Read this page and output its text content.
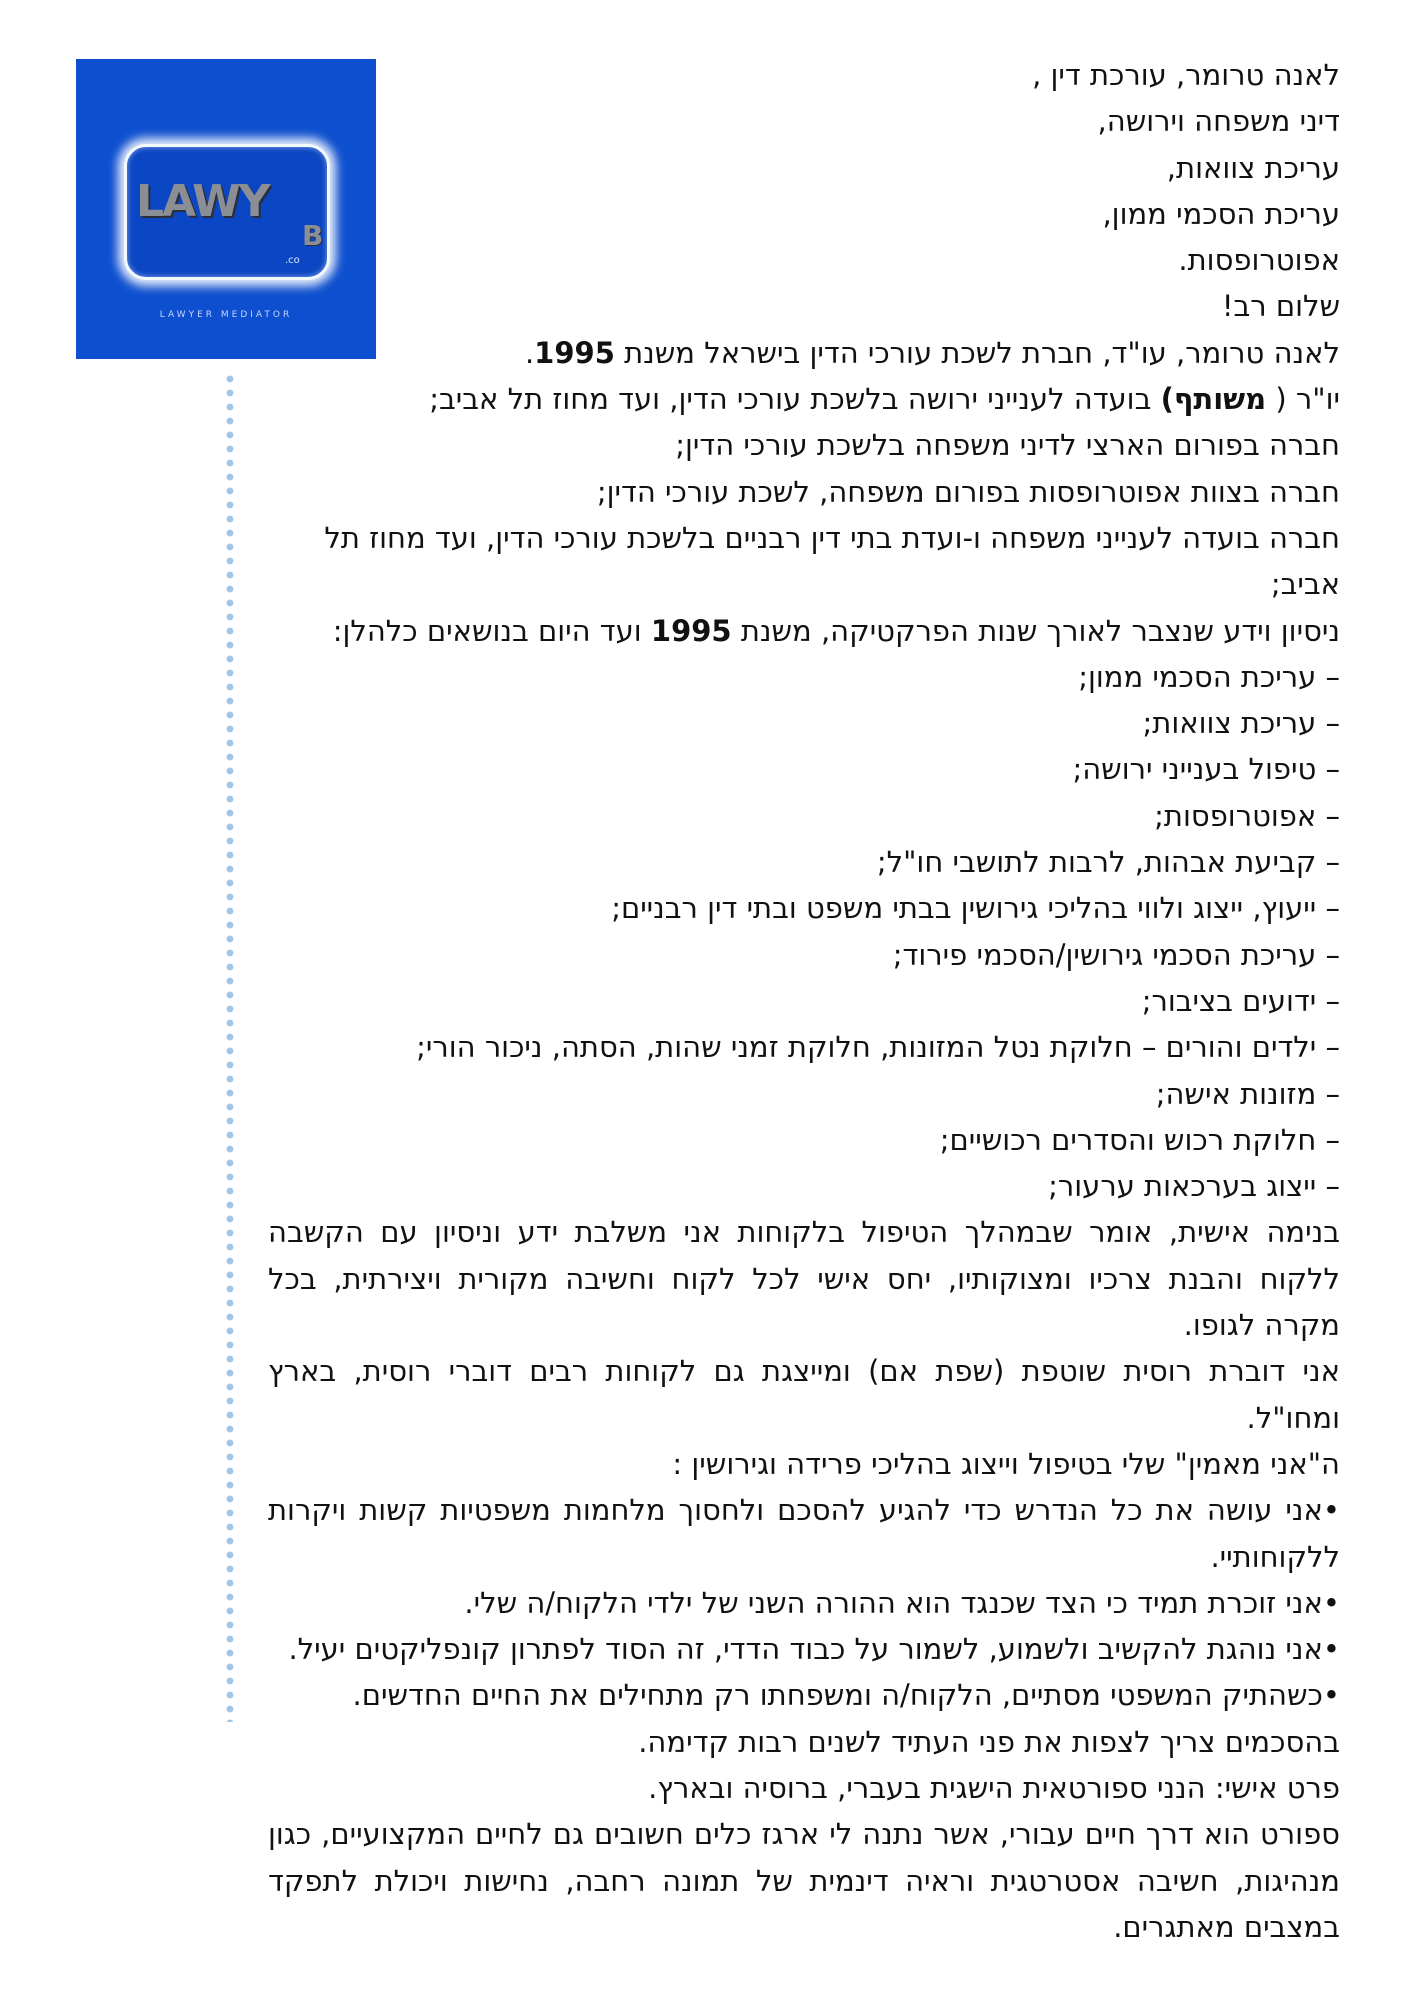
LAWY
B
.co
LAWYER MEDIATOR

לאנה טרומר, עורכת דין ,

דיני משפחה וירושה,

עריכת צוואות,

עריכת הסכמי ממון,

אפוטרופסות.

שלום רב!

לאנה טרומר, עו"ד, חברת לשכת עורכי הדין בישראל משנת 1995.

יו"ר ( משותף) בועדה לענייני ירושה בלשכת עורכי הדין, ועד מחוז תל אביב;

חברה בפורום הארצי לדיני משפחה בלשכת עורכי הדין;

חברה בצוות אפוטרופסות בפורום משפחה, לשכת עורכי הדין;

חברה בועדה לענייני משפחה ו-ועדת בתי דין רבניים בלשכת עורכי הדין, ועד מחוז תל אביב;

ניסיון וידע שנצבר לאורך שנות הפרקטיקה, משנת 1995 ועד היום בנושאים כלהלן:

– עריכת הסכמי ממון;

– עריכת צוואות;

– טיפול בענייני ירושה;

– אפוטרופסות;

– קביעת אבהות, לרבות לתושבי חו"ל;

– ייעוץ, ייצוג ולווי בהליכי גירושין בבתי משפט ובתי דין רבניים;

– עריכת הסכמי גירושין/הסכמי פירוד;

– ידועים בציבור;

– ילדים והורים – חלוקת נטל המזונות, חלוקת זמני שהות, הסתה, ניכור הורי;

– מזונות אישה;

– חלוקת רכוש והסדרים רכושיים;

– ייצוג בערכאות ערעור;

בנימה אישית, אומר שבמהלך הטיפול בלקוחות אני משלבת ידע וניסיון עם הקשבה ללקוח והבנת צרכיו ומצוקותיו, יחס אישי לכל לקוח וחשיבה מקורית ויצירתית, בכל מקרה לגופו.

אני דוברת רוסית שוטפת (שפת אם) ומייצגת גם לקוחות רבים דוברי רוסית, בארץ ומחו"ל.

ה"אני מאמין" שלי בטיפול וייצוג בהליכי פרידה וגירושין :

•אני עושה את כל הנדרש כדי להגיע להסכם ולחסוך מלחמות משפטיות קשות ויקרות ללקוחותיי.

•אני זוכרת תמיד כי הצד שכנגד הוא ההורה השני של ילדי הלקוח/ה שלי.

•אני נוהגת להקשיב ולשמוע, לשמור על כבוד הדדי, זה הסוד לפתרון קונפליקטים יעיל.

•כשהתיק המשפטי מסתיים, הלקוח/ה ומשפחתו רק מתחילים את החיים החדשים.

בהסכמים צריך לצפות את פני העתיד לשנים רבות קדימה.

פרט אישי: הנני ספורטאית הישגית בעברי, ברוסיה ובארץ.

ספורט הוא דרך חיים עבורי, אשר נתנה לי ארגז כלים חשובים גם לחיים המקצועיים, כגון מנהיגות, חשיבה אסטרטגית וראיה דינמית של תמונה רחבה, נחישות ויכולת לתפקד במצבים מאתגרים.
